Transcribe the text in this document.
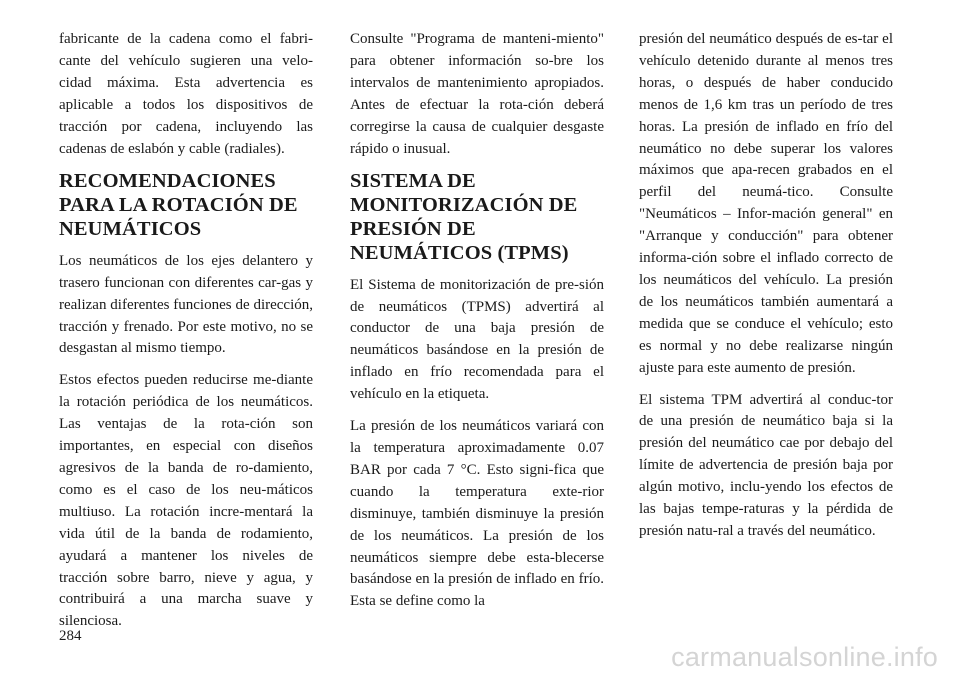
fabricante de la cadena como el fabri-cante del vehículo sugieren una velo-cidad máxima. Esta advertencia es aplicable a todos los dispositivos de tracción por cadena, incluyendo las cadenas de eslabón y cable (radiales).

RECOMENDACIONES PARA LA ROTACIÓN DE NEUMÁTICOS

Los neumáticos de los ejes delantero y trasero funcionan con diferentes car-gas y realizan diferentes funciones de dirección, tracción y frenado. Por este motivo, no se desgastan al mismo tiempo.

Estos efectos pueden reducirse me-diante la rotación periódica de los neumáticos. Las ventajas de la rota-ción son importantes, en especial con diseños agresivos de la banda de ro-damiento, como es el caso de los neu-máticos multiuso. La rotación incre-mentará la vida útil de la banda de rodamiento, ayudará a mantener los niveles de tracción sobre barro, nieve y agua, y contribuirá a una marcha suave y silenciosa.

Consulte "Programa de manteni-miento" para obtener información so-bre los intervalos de mantenimiento apropiados. Antes de efectuar la rota-ción deberá corregirse la causa de cualquier desgaste rápido o inusual.

SISTEMA DE MONITORIZACIÓN DE PRESIÓN DE NEUMÁTICOS (TPMS)

El Sistema de monitorización de pre-sión de neumáticos (TPMS) advertirá al conductor de una baja presión de neumáticos basándose en la presión de inflado en frío recomendada para el vehículo en la etiqueta.

La presión de los neumáticos variará con la temperatura aproximadamente 0.07 BAR por cada 7 °C. Esto signi-fica que cuando la temperatura exte-rior disminuye, también disminuye la presión de los neumáticos. La presión de los neumáticos siempre debe esta-blecerse basándose en la presión de inflado en frío. Esta se define como la

presión del neumático después de es-tar el vehículo detenido durante al menos tres horas, o después de haber conducido menos de 1,6 km tras un período de tres horas. La presión de inflado en frío del neumático no debe superar los valores máximos que apa-recen grabados en el perfil del neumá-tico. Consulte "Neumáticos – Infor-mación general" en "Arranque y conducción" para obtener informa-ción sobre el inflado correcto de los neumáticos del vehículo. La presión de los neumáticos también aumentará a medida que se conduce el vehículo; esto es normal y no debe realizarse ningún ajuste para este aumento de presión.

El sistema TPM advertirá al conduc-tor de una presión de neumático baja si la presión del neumático cae por debajo del límite de advertencia de presión baja por algún motivo, inclu-yendo los efectos de las bajas tempe-raturas y la pérdida de presión natu-ral a través del neumático.

284
carmanualsonline.info
